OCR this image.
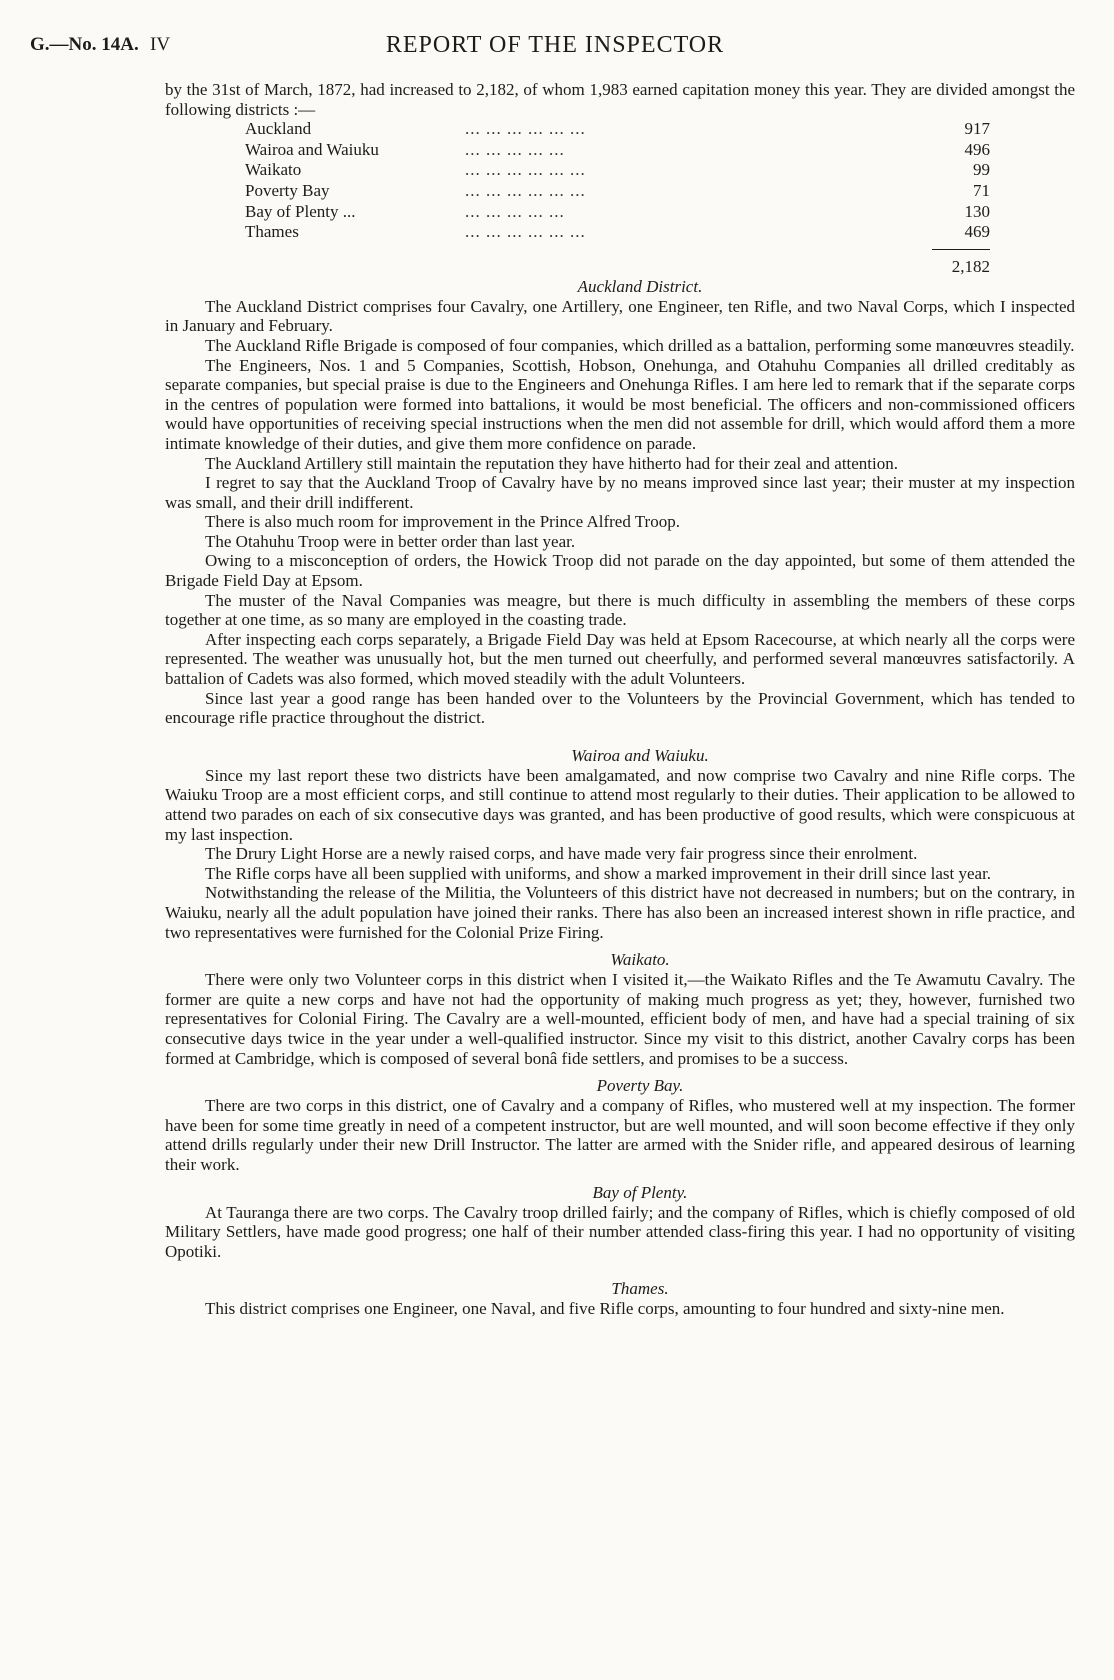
G.—No. 14A. IV	REPORT OF THE INSPECTOR

by the 31st of March, 1872, had increased to 2,182, of whom 1,983 earned capitation money this year. They are divided amongst the following districts :—

Auckland	... ... ... ... ... ...	917
Wairoa and Waiuku	... ... ... ... ...	496
Waikato	... ... ... ... ... ...	99
Poverty Bay	... ... ... ... ... ...	71
Bay of Plenty ...	... ... ... ... ...	130
Thames	... ... ... ... ... ...	469
2,182

Auckland District.

The Auckland District comprises four Cavalry, one Artillery, one Engineer, ten Rifle, and two Naval Corps, which I inspected in January and February.

The Auckland Rifle Brigade is composed of four companies, which drilled as a battalion, performing some manœuvres steadily.

The Engineers, Nos. 1 and 5 Companies, Scottish, Hobson, Onehunga, and Otahuhu Companies all drilled creditably as separate companies, but special praise is due to the Engineers and Onehunga Rifles. I am here led to remark that if the separate corps in the centres of population were formed into battalions, it would be most beneficial. The officers and non-commissioned officers would have opportunities of receiving special instructions when the men did not assemble for drill, which would afford them a more intimate knowledge of their duties, and give them more confidence on parade.

The Auckland Artillery still maintain the reputation they have hitherto had for their zeal and attention.

I regret to say that the Auckland Troop of Cavalry have by no means improved since last year; their muster at my inspection was small, and their drill indifferent.

There is also much room for improvement in the Prince Alfred Troop.

The Otahuhu Troop were in better order than last year.

Owing to a misconception of orders, the Howick Troop did not parade on the day appointed, but some of them attended the Brigade Field Day at Epsom.

The muster of the Naval Companies was meagre, but there is much difficulty in assembling the members of these corps together at one time, as so many are employed in the coasting trade.

After inspecting each corps separately, a Brigade Field Day was held at Epsom Racecourse, at which nearly all the corps were represented. The weather was unusually hot, but the men turned out cheerfully, and performed several manœuvres satisfactorily. A battalion of Cadets was also formed, which moved steadily with the adult Volunteers.

Since last year a good range has been handed over to the Volunteers by the Provincial Government, which has tended to encourage rifle practice throughout the district.

Wairoa and Waiuku.

Since my last report these two districts have been amalgamated, and now comprise two Cavalry and nine Rifle corps. The Waiuku Troop are a most efficient corps, and still continue to attend most regularly to their duties. Their application to be allowed to attend two parades on each of six consecutive days was granted, and has been productive of good results, which were conspicuous at my last inspection.

The Drury Light Horse are a newly raised corps, and have made very fair progress since their enrolment.

The Rifle corps have all been supplied with uniforms, and show a marked improvement in their drill since last year.

Notwithstanding the release of the Militia, the Volunteers of this district have not decreased in numbers; but on the contrary, in Waiuku, nearly all the adult population have joined their ranks. There has also been an increased interest shown in rifle practice, and two representatives were furnished for the Colonial Prize Firing.

Waikato.

There were only two Volunteer corps in this district when I visited it,—the Waikato Rifles and the Te Awamutu Cavalry. The former are quite a new corps and have not had the opportunity of making much progress as yet; they, however, furnished two representatives for Colonial Firing. The Cavalry are a well-mounted, efficient body of men, and have had a special training of six consecutive days twice in the year under a well-qualified instructor. Since my visit to this district, another Cavalry corps has been formed at Cambridge, which is composed of several bonâ fide settlers, and promises to be a success.

Poverty Bay.

There are two corps in this district, one of Cavalry and a company of Rifles, who mustered well at my inspection. The former have been for some time greatly in need of a competent instructor, but are well mounted, and will soon become effective if they only attend drills regularly under their new Drill Instructor. The latter are armed with the Snider rifle, and appeared desirous of learning their work.

Bay of Plenty.

At Tauranga there are two corps. The Cavalry troop drilled fairly; and the company of Rifles, which is chiefly composed of old Military Settlers, have made good progress; one half of their number attended class-firing this year. I had no opportunity of visiting Opotiki.

Thames.

This district comprises one Engineer, one Naval, and five Rifle corps, amounting to four hundred and sixty-nine men.
